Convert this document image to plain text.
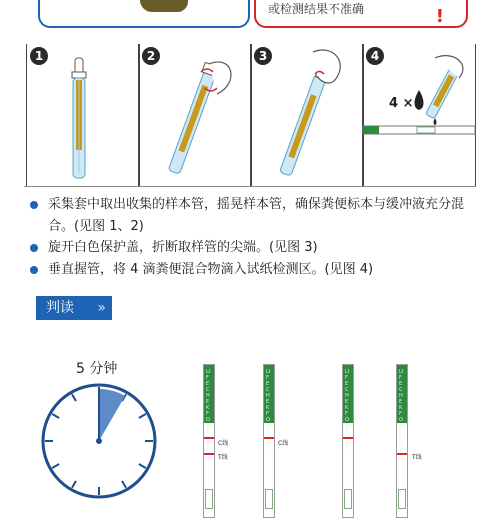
或检测结果不准确	!
1	2	3	4
4 ×
采集套中取出收集的样本管，摇晃样本管，确保粪便标本与缓冲液充分混合。(见图 1、2)
旋开白色保护盖，折断取样管的尖端。(见图 3)
垂直握管，将 4 滴粪便混合物滴入试纸检测区。(见图 4)
判读 »
5 分钟	LIFECHEK FOB T ST
C线
T线
LIFECHEK FOB T ST
C线
LIFECHEK FOB T ST
LIFECHEK FOB TEST
T线
